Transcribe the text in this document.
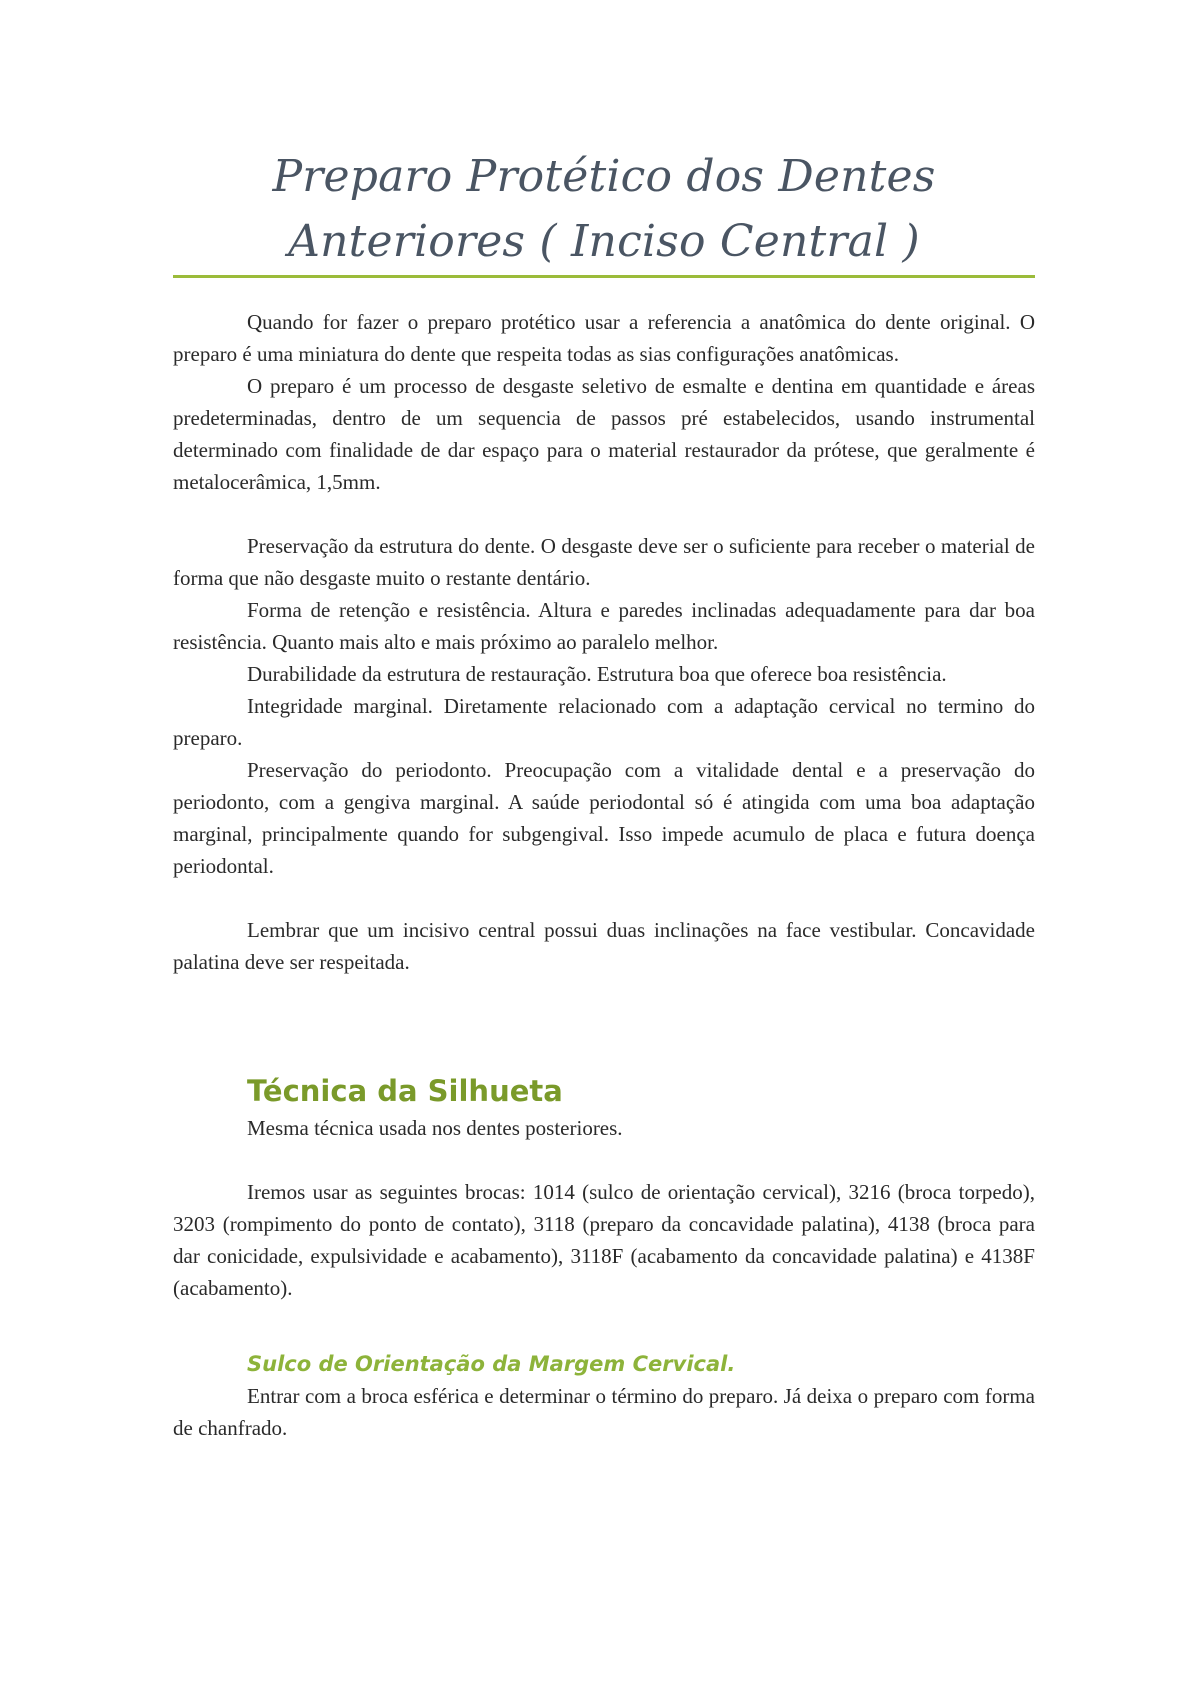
Preparo Protético dos Dentes
Anteriores ( Inciso Central )

Quando for fazer o preparo protético usar a referencia a anatômica do dente original. O preparo é uma miniatura do dente que respeita todas as sias configurações anatômicas.

O preparo é um processo de desgaste seletivo de esmalte e dentina em quantidade e áreas predeterminadas, dentro de um sequencia de passos pré estabelecidos, usando instrumental determinado com finalidade de dar espaço para o material restaurador da prótese, que geralmente é metalocerâmica, 1,5mm.

Preservação da estrutura do dente. O desgaste deve ser o suficiente para receber o material de forma que não desgaste muito o restante dentário.

Forma de retenção e resistência. Altura e paredes inclinadas adequadamente para dar boa resistência. Quanto mais alto e mais próximo ao paralelo melhor.

Durabilidade da estrutura de restauração. Estrutura boa que oferece boa resistência.

Integridade marginal. Diretamente relacionado com a adaptação cervical no termino do preparo.

Preservação do periodonto. Preocupação com a vitalidade dental e a preservação do periodonto, com a gengiva marginal. A saúde periodontal só é atingida com uma boa adaptação marginal, principalmente quando for subgengival. Isso impede acumulo de placa e futura doença periodontal.

Lembrar que um incisivo central possui duas inclinações na face vestibular. Concavidade palatina deve ser respeitada.

Técnica da Silhueta

Mesma técnica usada nos dentes posteriores.

Iremos usar as seguintes brocas: 1014 (sulco de orientação cervical), 3216 (broca torpedo), 3203 (rompimento do ponto de contato), 3118 (preparo da concavidade palatina), 4138 (broca para dar conicidade, expulsividade e acabamento), 3118F (acabamento da concavidade palatina) e 4138F (acabamento).

Sulco de Orientação da Margem Cervical.

Entrar com a broca esférica e determinar o término do preparo. Já deixa o preparo com forma de chanfrado.
